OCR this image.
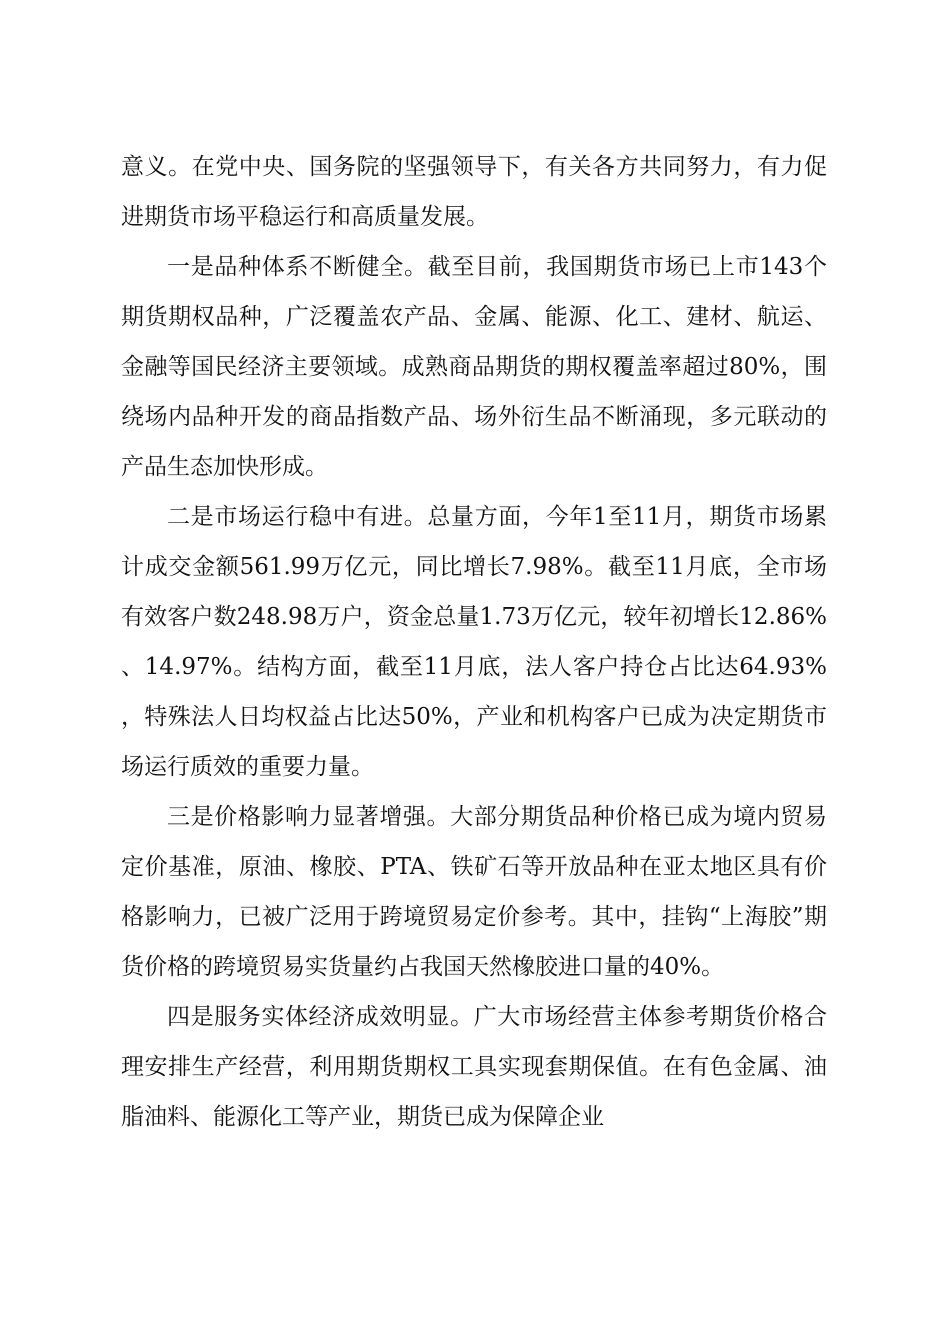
意义。在党中央、国务院的坚强领导下，有关各方共同努力，有力促进期货市场平稳运行和高质量发展。

一是品种体系不断健全。截至目前，我国期货市场已上市143个期货期权品种，广泛覆盖农产品、金属、能源、化工、建材、航运、金融等国民经济主要领域。成熟商品期货的期权覆盖率超过80%，围绕场内品种开发的商品指数产品、场外衍生品不断涌现，多元联动的产品生态加快形成。

二是市场运行稳中有进。总量方面，今年1至11月，期货市场累计成交金额561.99万亿元，同比增长7.98%。截至11月底，全市场有效客户数248.98万户，资金总量1.73万亿元，较年初增长12.86%、14.97%。结构方面，截至11月底，法人客户持仓占比达64.93%，特殊法人日均权益占比达50%，产业和机构客户已成为决定期货市场运行质效的重要力量。

三是价格影响力显著增强。大部分期货品种价格已成为境内贸易定价基准，原油、橡胶、PTA、铁矿石等开放品种在亚太地区具有价格影响力，已被广泛用于跨境贸易定价参考。其中，挂钩“上海胶”期货价格的跨境贸易实货量约占我国天然橡胶进口量的40%。

四是服务实体经济成效明显。广大市场经营主体参考期货价格合理安排生产经营，利用期货期权工具实现套期保值。在有色金属、油脂油料、能源化工等产业，期货已成为保障企业
